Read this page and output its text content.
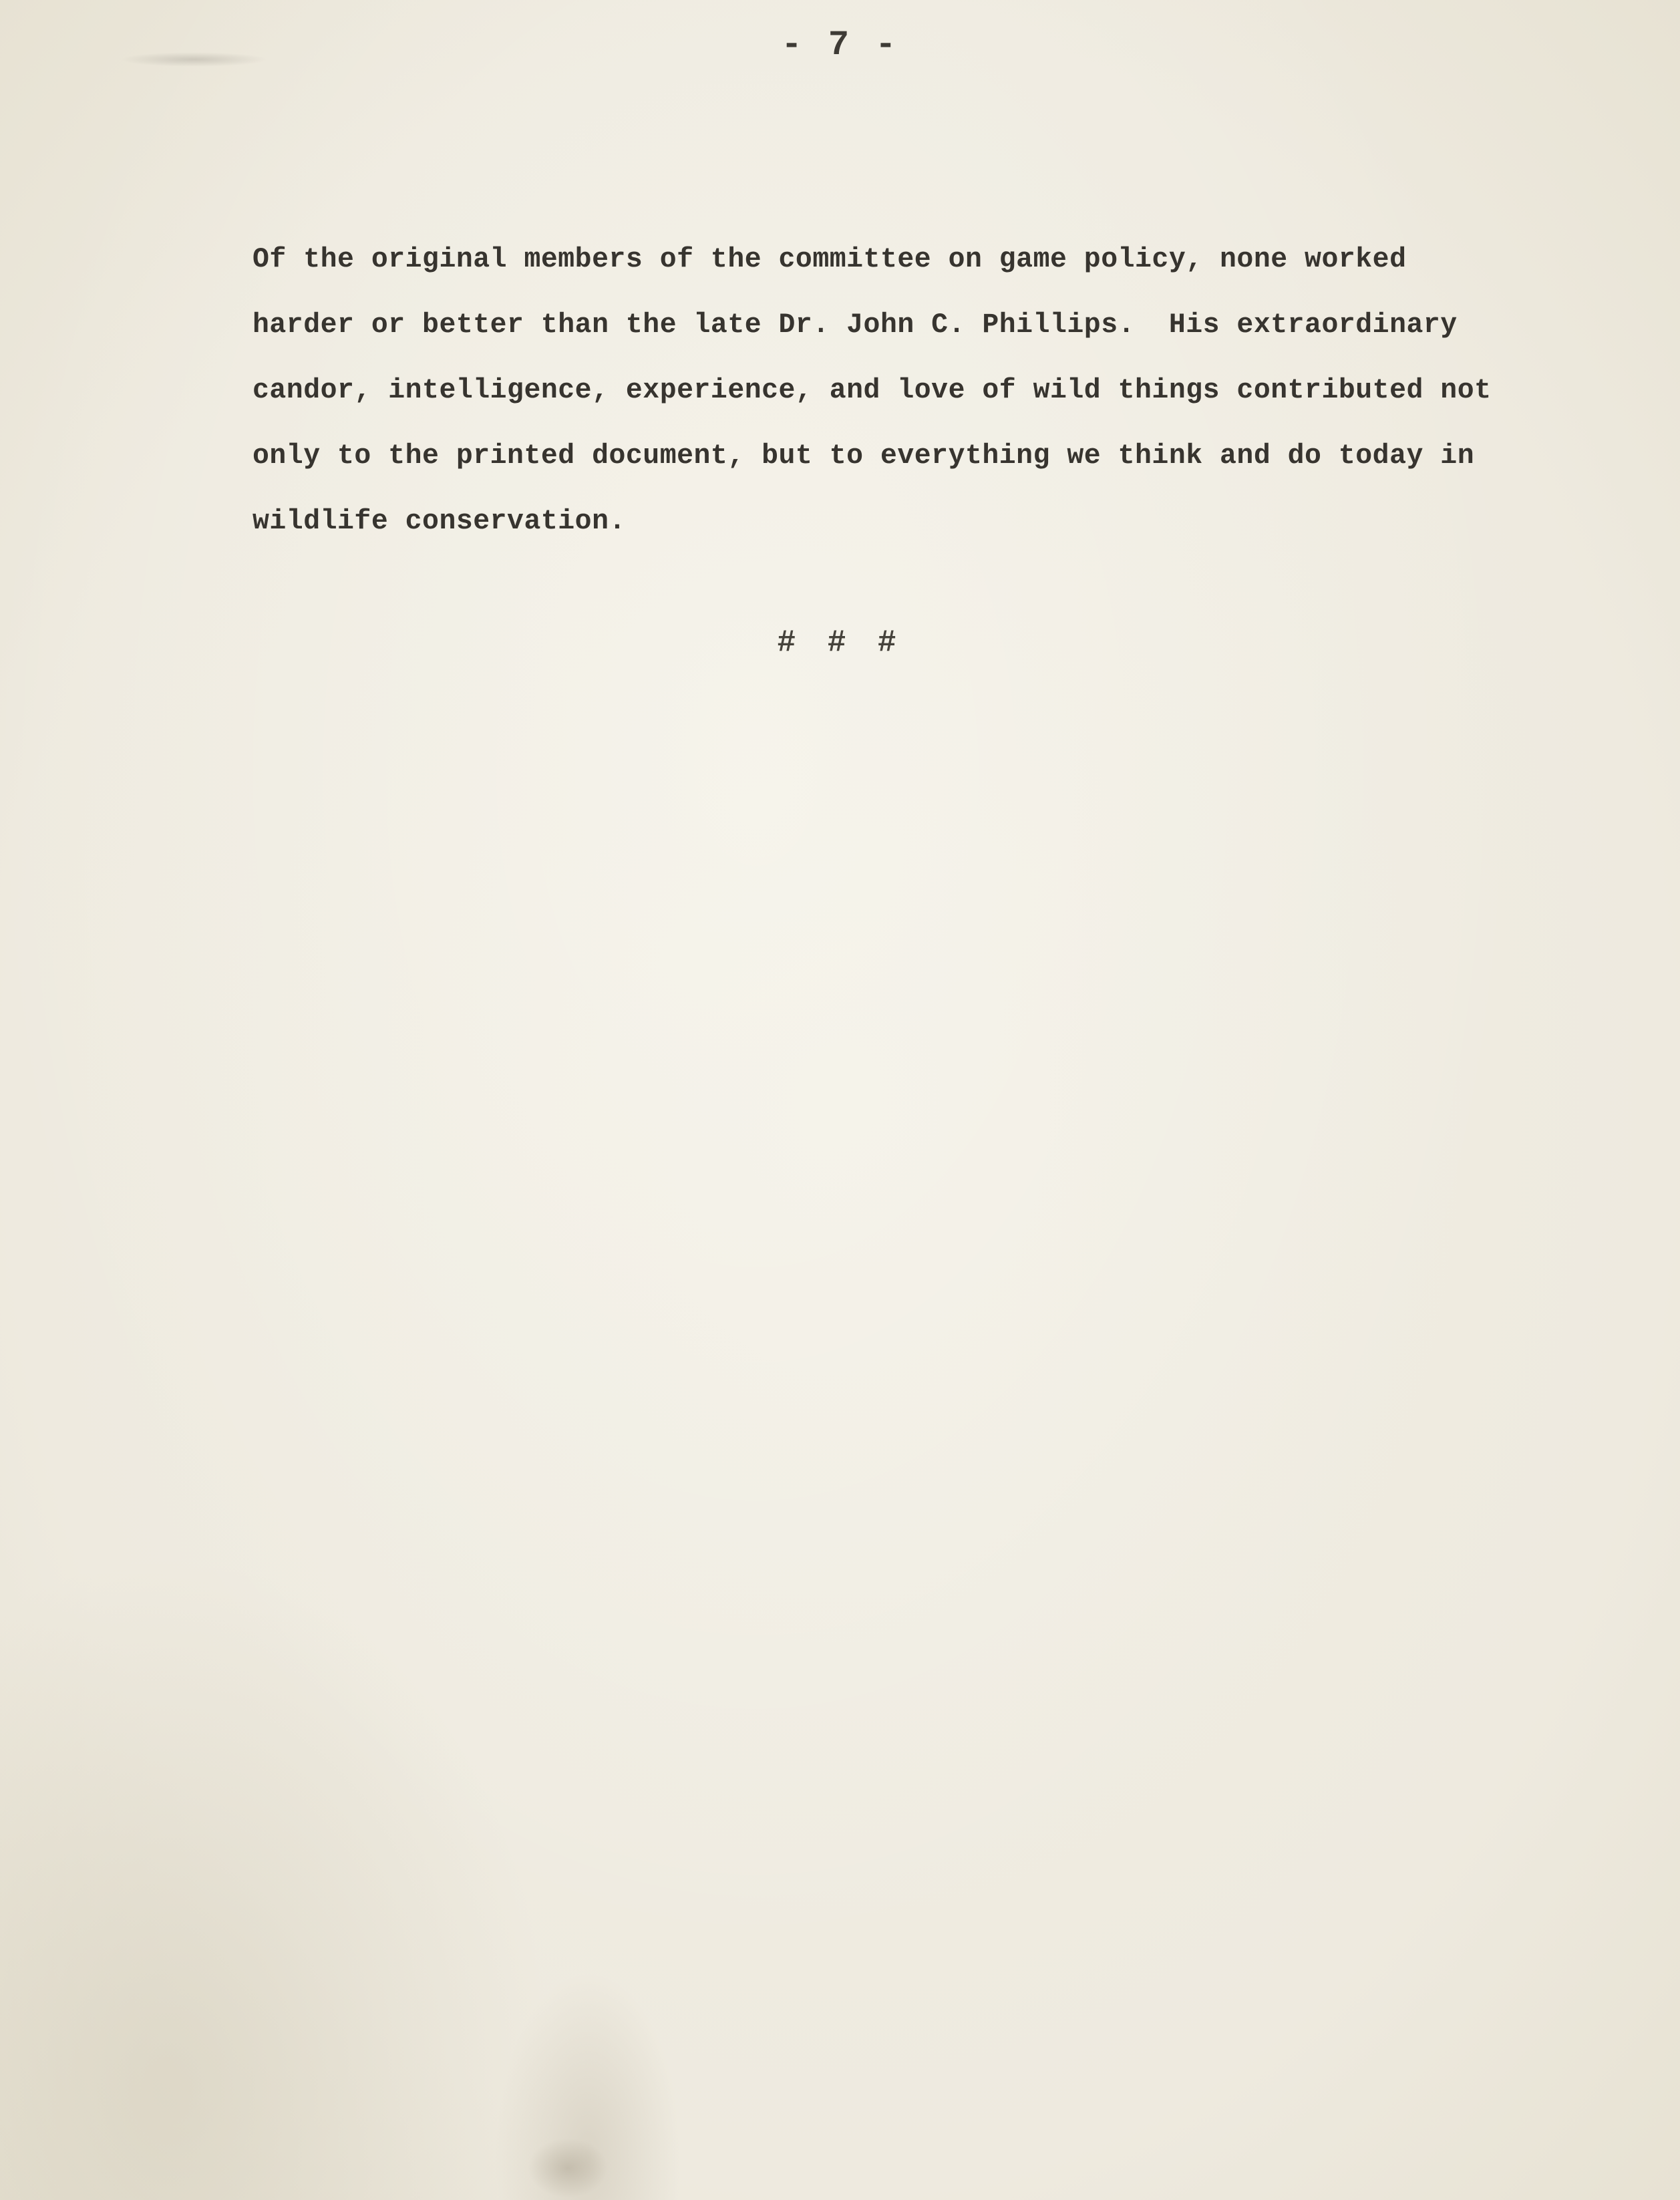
- 7 -

Of the original members of the committee on game policy, none worked
harder or better than the late Dr. John C. Phillips.  His extraordinary
candor, intelligence, experience, and love of wild things contributed not
only to the printed document, but to everything we think and do today in
wildlife conservation.

# # #
